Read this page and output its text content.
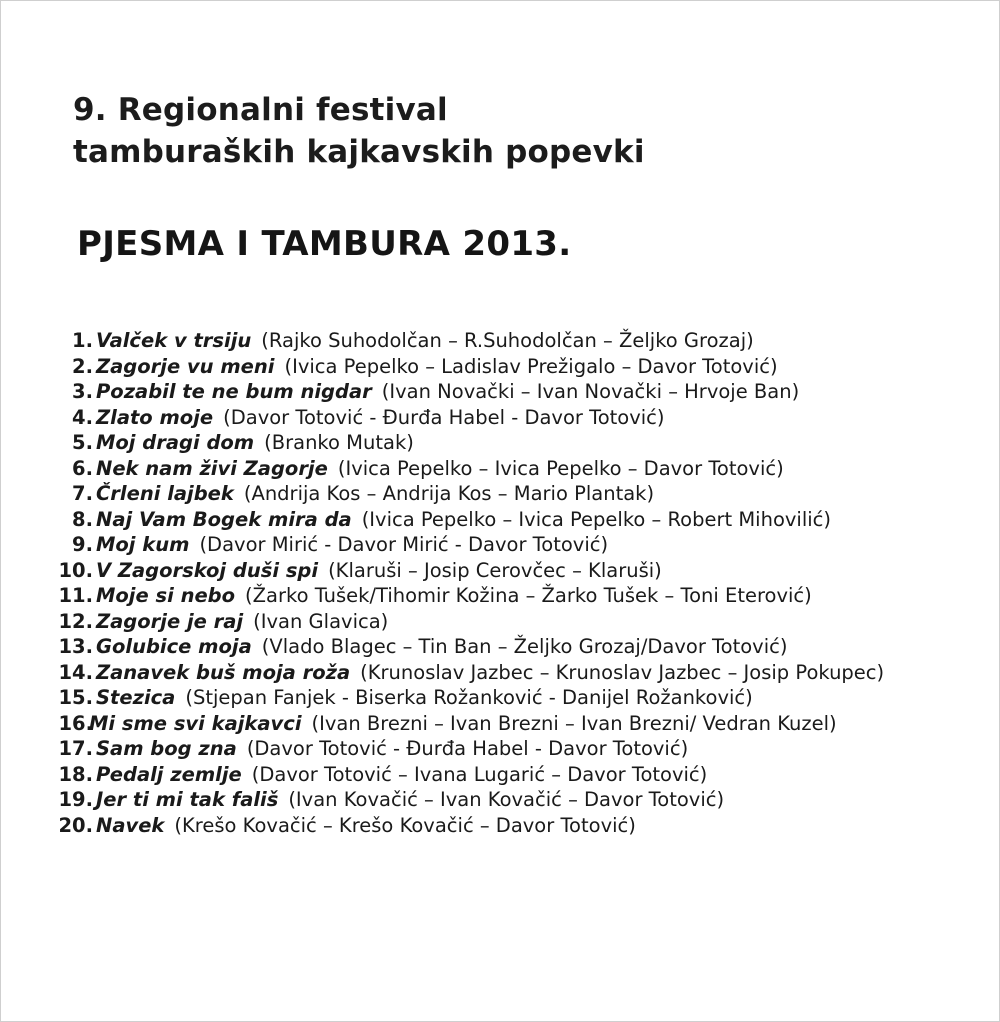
9. Regionalni festival
tamburaških kajkavskih popevki
PJESMA I TAMBURA 2013.
1. Valček v trsiju (Rajko Suhodolčan – R.Suhodolčan – Željko Grozaj)
2. Zagorje vu meni (Ivica Pepelko – Ladislav Prežigalo – Davor Totović)
3. Pozabil te ne bum nigdar (Ivan Novački – Ivan Novački – Hrvoje Ban)
4. Zlato moje (Davor Totović - Đurđa Habel - Davor Totović)
5. Moj dragi dom (Branko Mutak)
6. Nek nam živi Zagorje (Ivica Pepelko – Ivica Pepelko – Davor Totović)
7. Črleni lajbek (Andrija Kos – Andrija Kos – Mario Plantak)
8. Naj Vam Bogek mira da (Ivica Pepelko – Ivica Pepelko – Robert Mihovilić)
9. Moj kum (Davor Mirić - Davor Mirić - Davor Totović)
10. V Zagorskoj duši spi (Klaruši – Josip Cerovčec – Klaruši)
11. Moje si nebo (Žarko Tušek/Tihomir Kožina – Žarko Tušek – Toni Eterović)
12. Zagorje je raj (Ivan Glavica)
13. Golubice moja (Vlado Blagec – Tin Ban – Željko Grozaj/Davor Totović)
14. Zanavek buš moja roža (Krunoslav Jazbec – Krunoslav Jazbec – Josip Pokupec)
15. Stezica (Stjepan Fanjek - Biserka Rožanković - Danijel Rožanković)
16.
Mi sme svi kajkavci (Ivan Brezni – Ivan Brezni – Ivan Brezni/ Vedran Kuzel)
17. Sam bog zna (Davor Totović - Đurđa Habel - Davor Totović)
18. Pedalj zemlje (Davor Totović – Ivana Lugarić – Davor Totović)
19. Jer ti mi tak fališ (Ivan Kovačić – Ivan Kovačić – Davor Totović)
20. Navek (Krešo Kovačić – Krešo Kovačić – Davor Totović)
